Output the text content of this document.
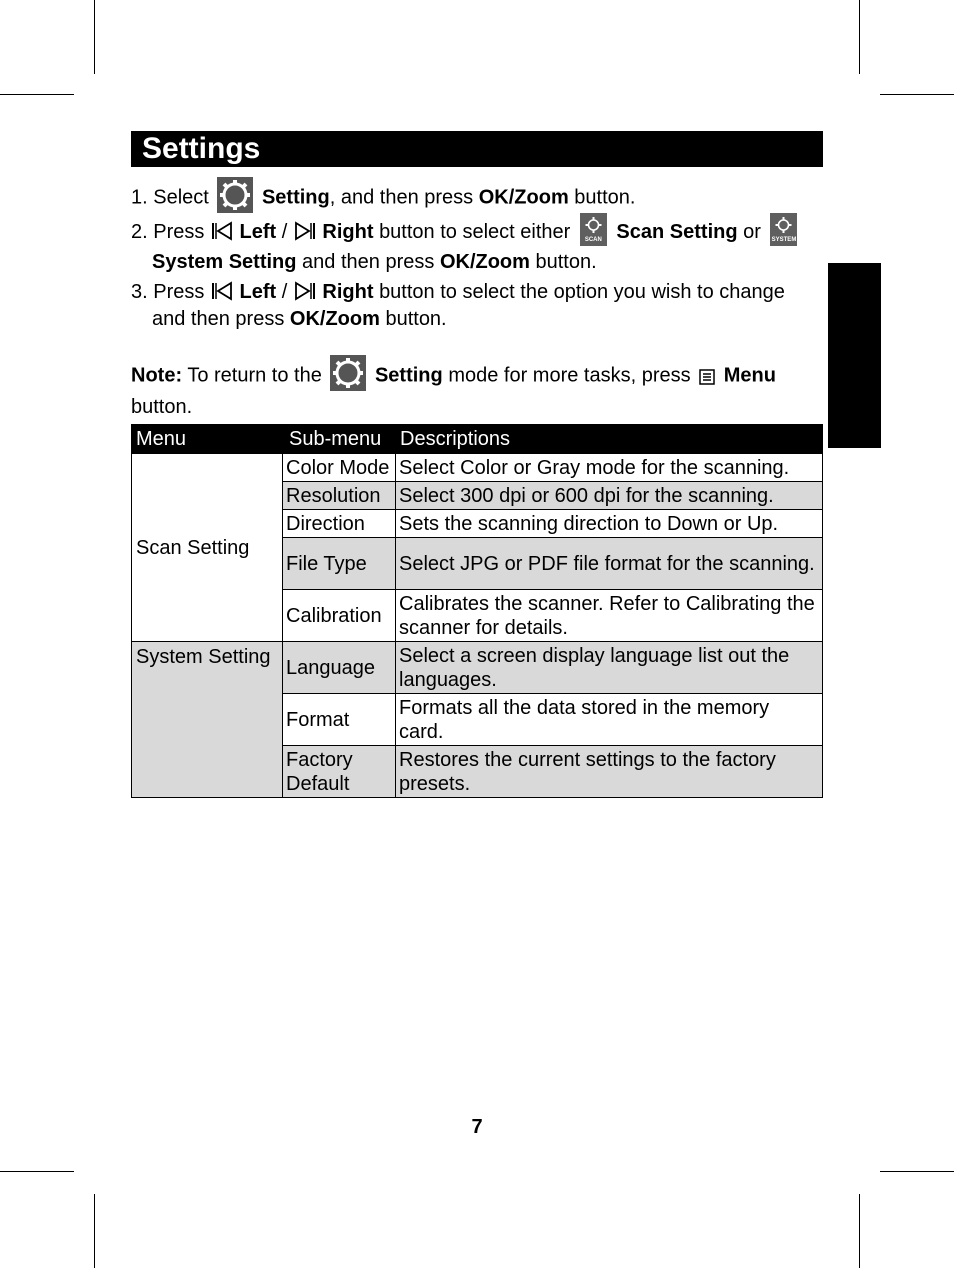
Settings
1. Select	Setting, and then press OK/Zoom button.
2. Press Left / Right button to select either	SCAN Scan Setting or SYSTEM
System Setting and then press OK/Zoom button.
3. Press Left / Right button to select the option you wish to change
and then press OK/Zoom button.
Note: To return to the	Setting mode for more tasks, press Menu
button.
Menu	Sub-menu	Descriptions
Scan Setting	Color Mode	Select Color or Gray mode for the scanning.
	Resolution	Select 300 dpi or 600 dpi for the scanning.
	Direction	Sets the scanning direction to Down or Up.
	File Type	Select JPG or PDF file format for the scanning.
	Calibration	Calibrates the scanner. Refer to Calibrating the scanner for details.
System Setting	Language	Select a screen display language list out the languages.
	Format	Formats all the data stored in the memory card.
	Factory Default	Restores the current settings to the factory presets.
7
